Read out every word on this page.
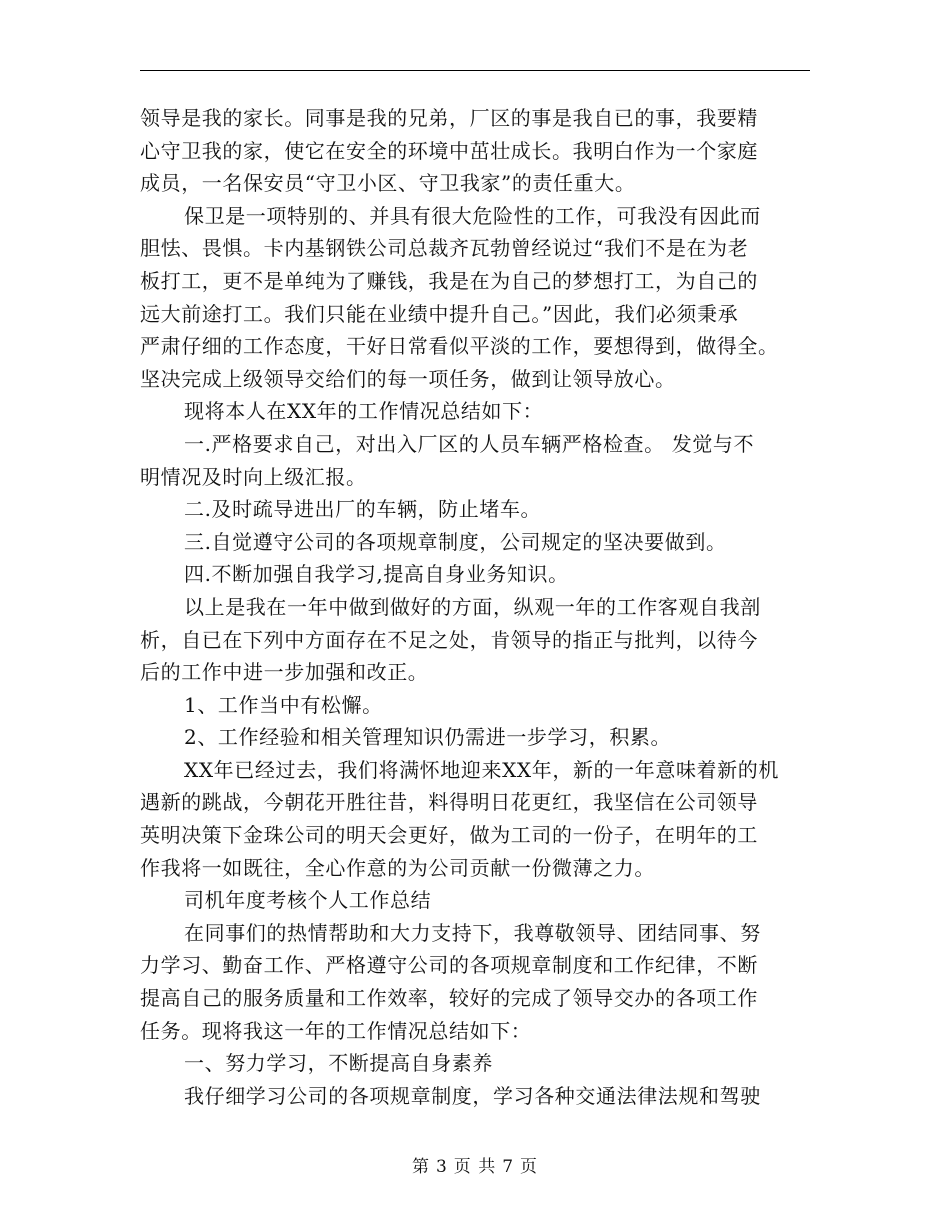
领导是我的家长。同事是我的兄弟，厂区的事是我自已的事，我要精
心守卫我的家，使它在安全的环境中茁壮成长。我明白作为一个家庭
成员，一名保安员“守卫小区、守卫我家”的责任重大。
保卫是一项特别的、并具有很大危险性的工作，可我没有因此而
胆怯、畏惧。卡内基钢铁公司总裁齐瓦勃曾经说过“我们不是在为老
板打工，更不是单纯为了赚钱，我是在为自己的梦想打工，为自己的
远大前途打工。我们只能在业绩中提升自己。”因此，我们必须秉承
严肃仔细的工作态度，干好日常看似平淡的工作，要想得到，做得全。
坚决完成上级领导交给们的每一项任务，做到让领导放心。
现将本人在XX年的工作情况总结如下：
一.严格要求自己，对出入厂区的人员车辆严格检查。 发觉与不
明情况及时向上级汇报。
二.及时疏导进出厂的车辆，防止堵车。
三.自觉遵守公司的各项规章制度，公司规定的坚决要做到。
四.不断加强自我学习,提高自身业务知识。
以上是我在一年中做到做好的方面，纵观一年的工作客观自我剖
析，自已在下列中方面存在不足之处，肯领导的指正与批判，以待今
后的工作中进一步加强和改正。
1、工作当中有松懈。
2、工作经验和相关管理知识仍需进一步学习，积累。
XX年已经过去，我们将满怀地迎来XX年，新的一年意味着新的机
遇新的跳战，今朝花开胜往昔，料得明日花更红，我坚信在公司领导
英明决策下金珠公司的明天会更好，做为工司的一份子，在明年的工
作我将一如既往，全心作意的为公司贡献一份微薄之力。
司机年度考核个人工作总结
在同事们的热情帮助和大力支持下，我尊敬领导、团结同事、努
力学习、勤奋工作、严格遵守公司的各项规章制度和工作纪律，不断
提高自己的服务质量和工作效率，较好的完成了领导交办的各项工作
任务。现将我这一年的工作情况总结如下：
一、努力学习，不断提高自身素养
我仔细学习公司的各项规章制度，学习各种交通法律法规和驾驶
第 3 页 共 7 页
